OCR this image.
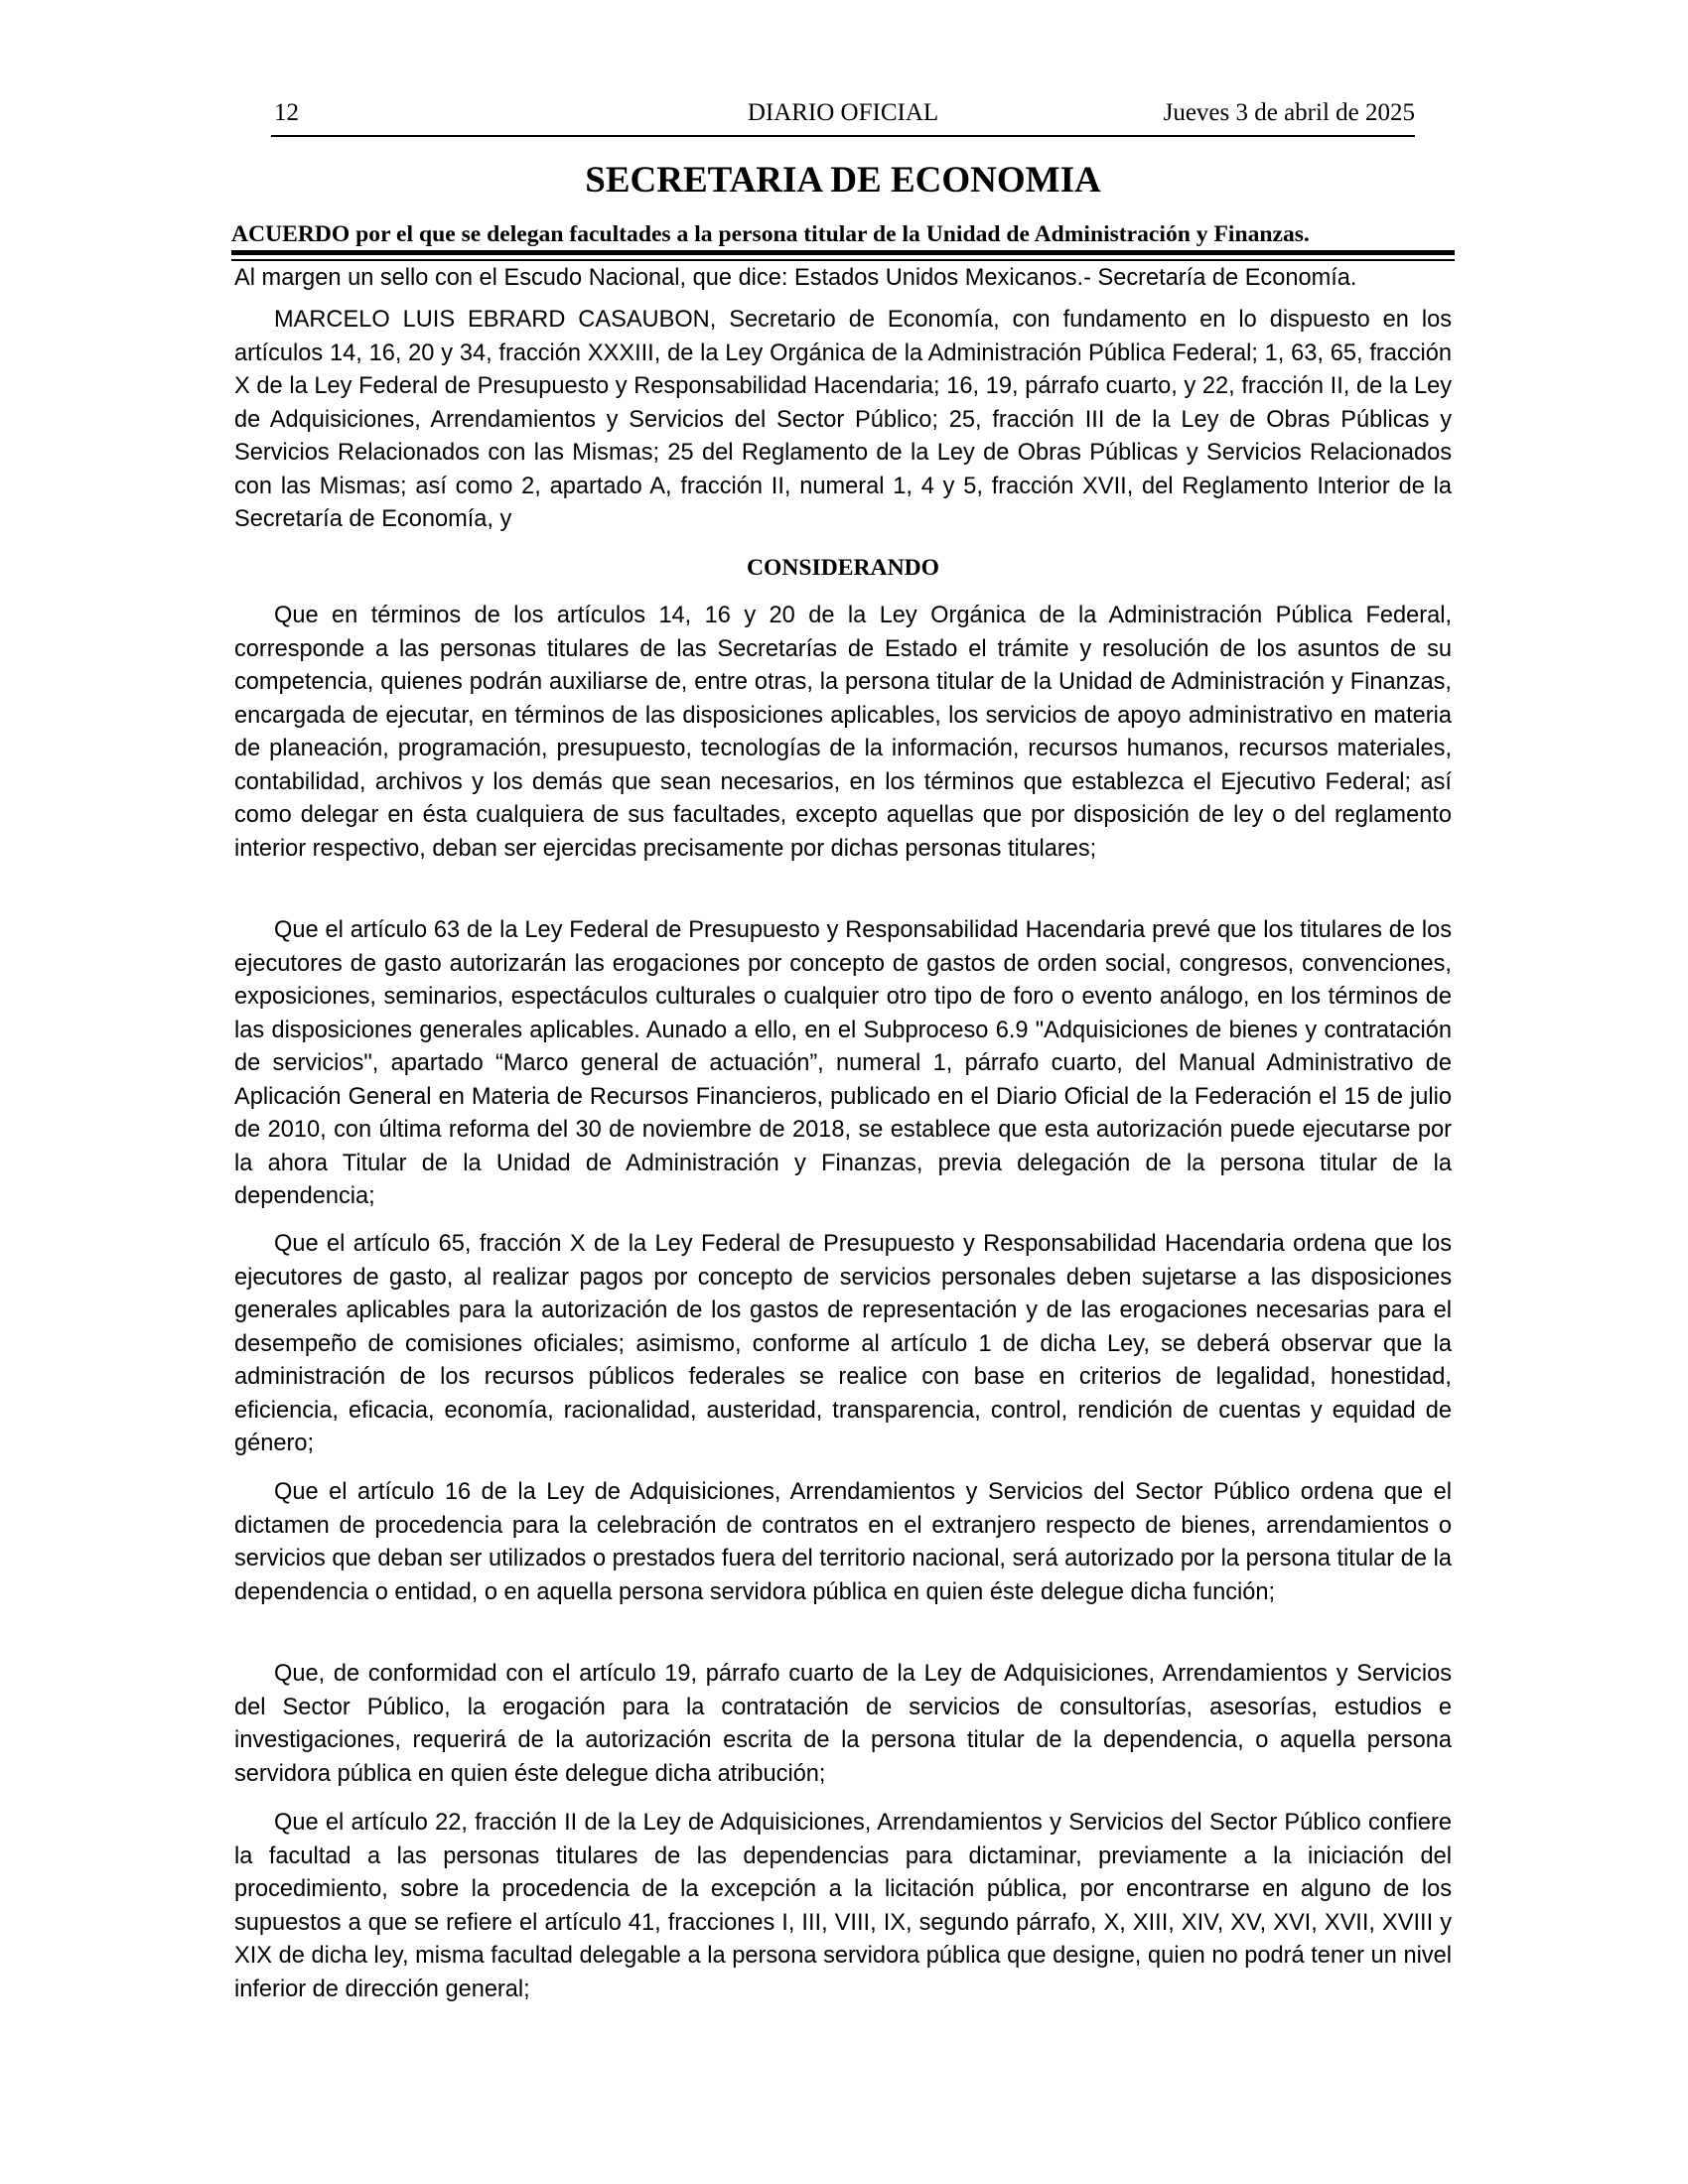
DIARIO OFICIAL
12	Jueves 3 de abril de 2025
SECRETARIA DE ECONOMIA
ACUERDO por el que se delegan facultades a la persona titular de la Unidad de Administración y Finanzas.

Al margen un sello con el Escudo Nacional, que dice: Estados Unidos Mexicanos.- Secretaría de Economía.

MARCELO LUIS EBRARD CASAUBON, Secretario de Economía, con fundamento en lo dispuesto en los artículos 14, 16, 20 y 34, fracción XXXIII, de la Ley Orgánica de la Administración Pública Federal; 1, 63, 65, fracción X de la Ley Federal de Presupuesto y Responsabilidad Hacendaria; 16, 19, párrafo cuarto, y 22, fracción II, de la Ley de Adquisiciones, Arrendamientos y Servicios del Sector Público; 25, fracción III de la Ley de Obras Públicas y Servicios Relacionados con las Mismas; 25 del Reglamento de la Ley de Obras Públicas y Servicios Relacionados con las Mismas; así como 2, apartado A, fracción II, numeral 1, 4 y 5, fracción XVII, del Reglamento Interior de la Secretaría de Economía, y

CONSIDERANDO

Que en términos de los artículos 14, 16 y 20 de la Ley Orgánica de la Administración Pública Federal, corresponde a las personas titulares de las Secretarías de Estado el trámite y resolución de los asuntos de su competencia, quienes podrán auxiliarse de, entre otras, la persona titular de la Unidad de Administración y Finanzas, encargada de ejecutar, en términos de las disposiciones aplicables, los servicios de apoyo administrativo en materia de planeación, programación, presupuesto, tecnologías de la información, recursos humanos, recursos materiales, contabilidad, archivos y los demás que sean necesarios, en los términos que establezca el Ejecutivo Federal; así como delegar en ésta cualquiera de sus facultades, excepto aquellas que por disposición de ley o del reglamento interior respectivo, deban ser ejercidas precisamente por dichas personas titulares;

Que el artículo 63 de la Ley Federal de Presupuesto y Responsabilidad Hacendaria prevé que los titulares de los ejecutores de gasto autorizarán las erogaciones por concepto de gastos de orden social, congresos, convenciones, exposiciones, seminarios, espectáculos culturales o cualquier otro tipo de foro o evento análogo, en los términos de las disposiciones generales aplicables. Aunado a ello, en el Subproceso 6.9 "Adquisiciones de bienes y contratación de servicios", apartado “Marco general de actuación”, numeral 1, párrafo cuarto, del Manual Administrativo de Aplicación General en Materia de Recursos Financieros, publicado en el Diario Oficial de la Federación el 15 de julio de 2010, con última reforma del 30 de noviembre de 2018, se establece que esta autorización puede ejecutarse por la ahora Titular de la Unidad de Administración y Finanzas, previa delegación de la persona titular de la dependencia;

Que el artículo 65, fracción X de la Ley Federal de Presupuesto y Responsabilidad Hacendaria ordena que los ejecutores de gasto, al realizar pagos por concepto de servicios personales deben sujetarse a las disposiciones generales aplicables para la autorización de los gastos de representación y de las erogaciones necesarias para el desempeño de comisiones oficiales; asimismo, conforme al artículo 1 de dicha Ley, se deberá observar que la administración de los recursos públicos federales se realice con base en criterios de legalidad, honestidad, eficiencia, eficacia, economía, racionalidad, austeridad, transparencia, control, rendición de cuentas y equidad de género;

Que el artículo 16 de la Ley de Adquisiciones, Arrendamientos y Servicios del Sector Público ordena que el dictamen de procedencia para la celebración de contratos en el extranjero respecto de bienes, arrendamientos o servicios que deban ser utilizados o prestados fuera del territorio nacional, será autorizado por la persona titular de la dependencia o entidad, o en aquella persona servidora pública en quien éste delegue dicha función;

Que, de conformidad con el artículo 19, párrafo cuarto de la Ley de Adquisiciones, Arrendamientos y Servicios del Sector Público, la erogación para la contratación de servicios de consultorías, asesorías, estudios e investigaciones, requerirá de la autorización escrita de la persona titular de la dependencia, o aquella persona servidora pública en quien éste delegue dicha atribución;

Que el artículo 22, fracción II de la Ley de Adquisiciones, Arrendamientos y Servicios del Sector Público confiere la facultad a las personas titulares de las dependencias para dictaminar, previamente a la iniciación del procedimiento, sobre la procedencia de la excepción a la licitación pública, por encontrarse en alguno de los supuestos a que se refiere el artículo 41, fracciones I, III, VIII, IX, segundo párrafo, X, XIII, XIV, XV, XVI, XVII, XVIII y XIX de dicha ley, misma facultad delegable a la persona servidora pública que designe, quien no podrá tener un nivel inferior de dirección general;
